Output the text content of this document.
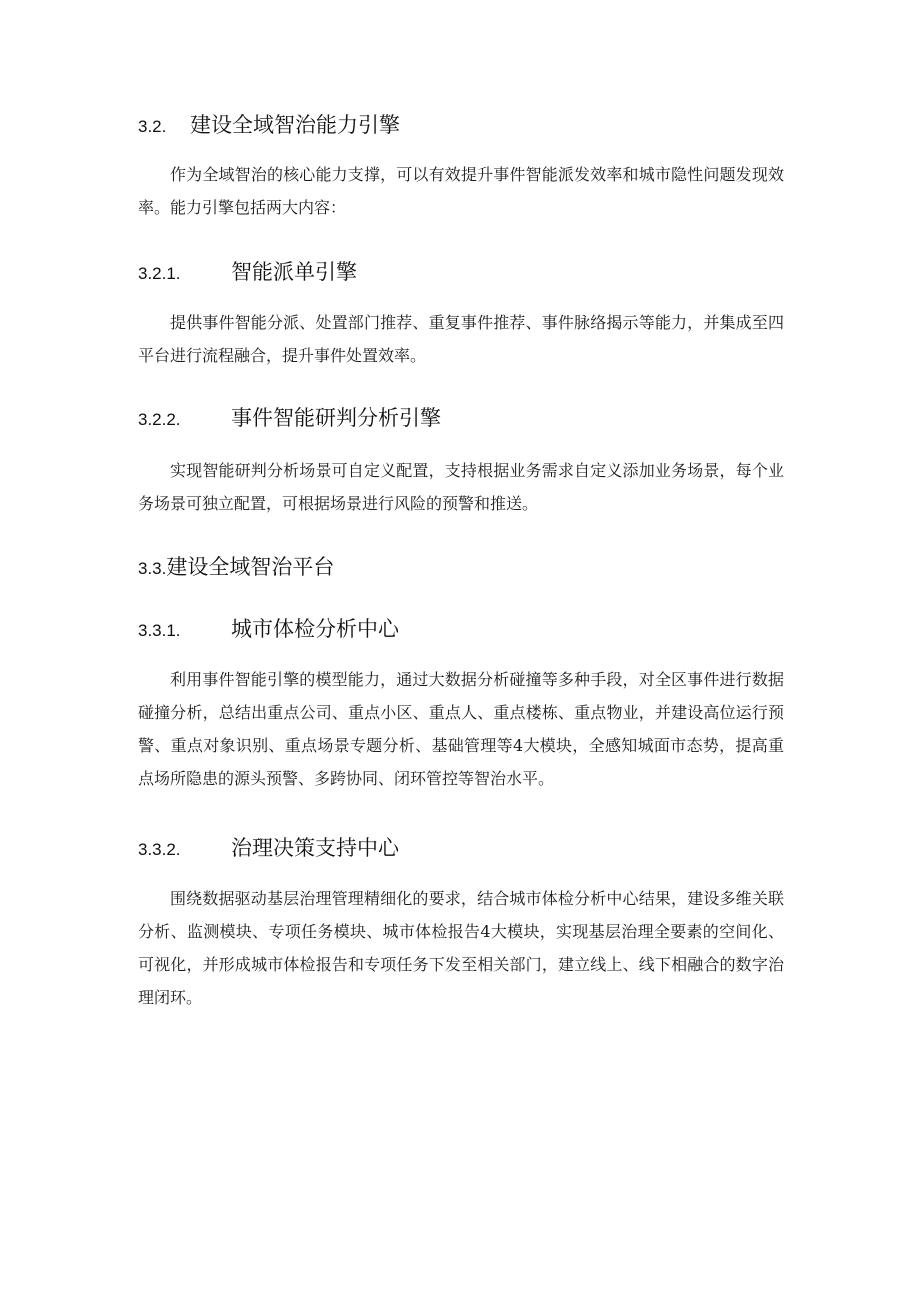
3.2. 建设全域智治能力引擎

作为全域智治的核心能力支撑，可以有效提升事件智能派发效率和城市隐性问题发现效率。能力引擎包括两大内容：

3.2.1. 智能派单引擎

提供事件智能分派、处置部门推荐、重复事件推荐、事件脉络揭示等能力，并集成至四平台进行流程融合，提升事件处置效率。

3.2.2. 事件智能研判分析引擎

实现智能研判分析场景可自定义配置，支持根据业务需求自定义添加业务场景，每个业务场景可独立配置，可根据场景进行风险的预警和推送。

3.3.建设全域智治平台
3.3.1. 城市体检分析中心

利用事件智能引擎的模型能力，通过大数据分析碰撞等多种手段，对全区事件进行数据碰撞分析，总结出重点公司、重点小区、重点人、重点楼栋、重点物业，并建设高位运行预警、重点对象识别、重点场景专题分析、基础管理等4大模块，全感知城面市态势，提高重点场所隐患的源头预警、多跨协同、闭环管控等智治水平。

3.3.2. 治理决策支持中心

围绕数据驱动基层治理管理精细化的要求，结合城市体检分析中心结果，建设多维关联分析、监测模块、专项任务模块、城市体检报告4大模块，实现基层治理全要素的空间化、可视化，并形成城市体检报告和专项任务下发至相关部门，建立线上、线下相融合的数字治理闭环。
